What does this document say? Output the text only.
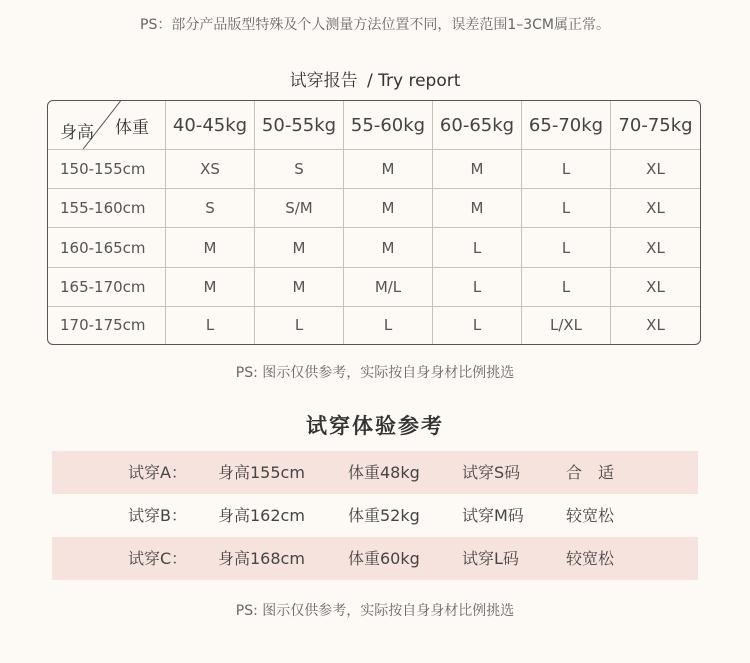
PS：部分产品版型特殊及个人测量方法位置不同，误差范围1–3CM属正常。
试穿报告 / Try report
体重
身高	40-45kg	50-55kg	55-60kg	60-65kg	65-70kg	70-75kg
150-155cm	XS	S	M	M	L	XL
155-160cm	S	S/M	M	M	L	XL
160-165cm	M	M	M	L	L	XL
165-170cm	M	M	M/L	L	L	XL
170-175cm	L	L	L	L	L/XL	XL
PS: 图示仅供参考，实际按自身身材比例挑选
试穿体验参考
试穿A： 身高155cm	体重48kg	试穿S码	合　适
试穿B： 身高162cm	体重52kg	试穿M码	较宽松
试穿C： 身高168cm	体重60kg	试穿L码	较宽松
PS: 图示仅供参考，实际按自身身材比例挑选
